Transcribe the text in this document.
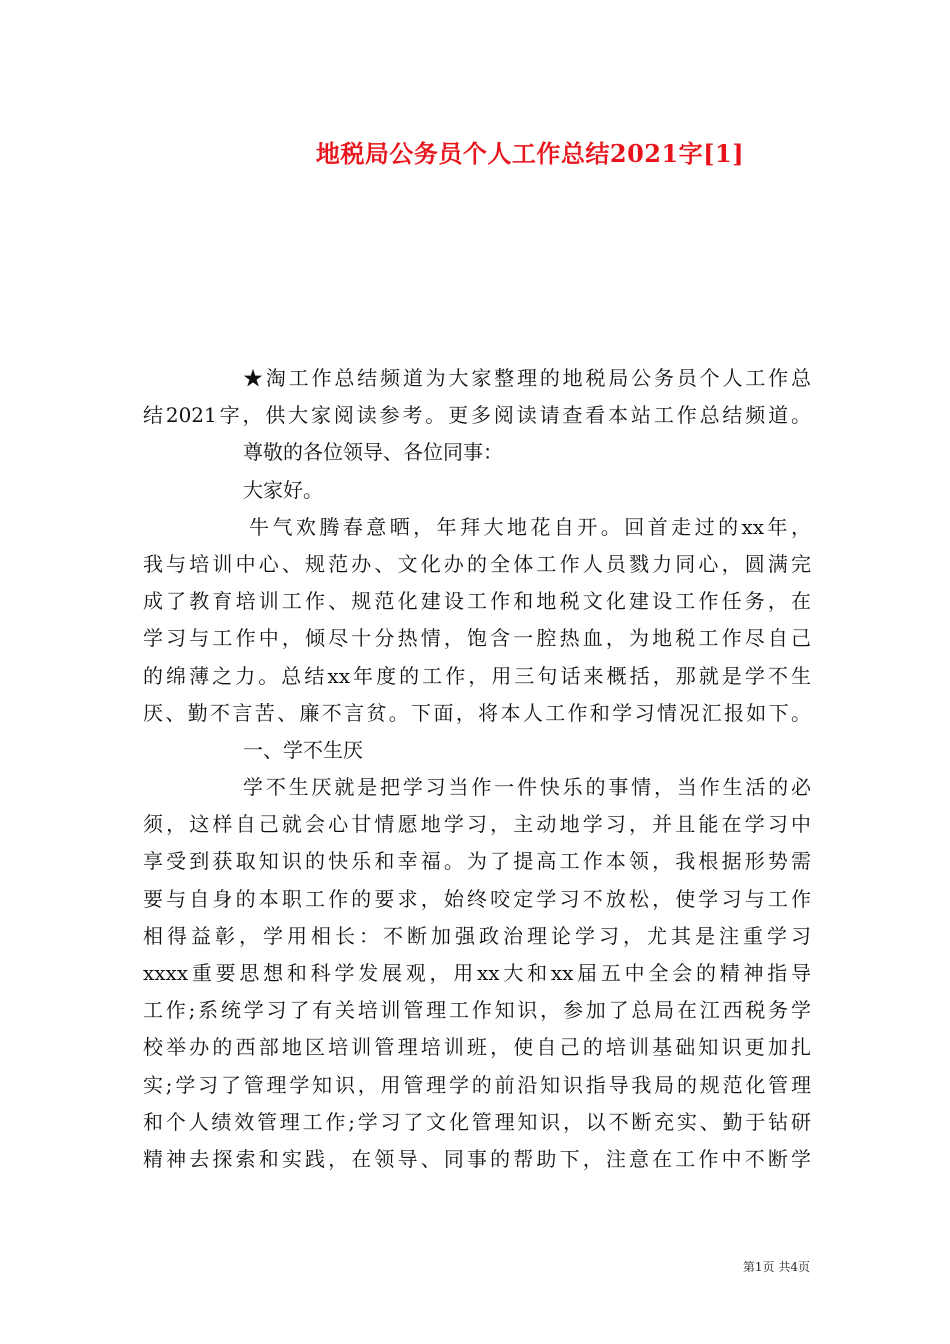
地税局公务员个人工作总结2021字[1]
★淘工作总结频道为大家整理的地税局公务员个人工作总
结2021字，供大家阅读参考。更多阅读请查看本站工作总结频道。
尊敬的各位领导、各位同事：
大家好。
牛气欢腾春意晒，年拜大地花自开。回首走过的xx年，
我与培训中心、规范办、文化办的全体工作人员戮力同心，圆满完
成了教育培训工作、规范化建设工作和地税文化建设工作任务，在
学习与工作中，倾尽十分热情，饱含一腔热血，为地税工作尽自己
的绵薄之力。总结xx年度的工作，用三句话来概括，那就是学不生
厌、勤不言苦、廉不言贫。下面，将本人工作和学习情况汇报如下。
一、学不生厌
学不生厌就是把学习当作一件快乐的事情，当作生活的必
须，这样自己就会心甘情愿地学习，主动地学习，并且能在学习中
享受到获取知识的快乐和幸福。为了提高工作本领，我根据形势需
要与自身的本职工作的要求，始终咬定学习不放松，使学习与工作
相得益彰，学用相长：不断加强政治理论学习，尤其是注重学习
xxxx重要思想和科学发展观，用xx大和xx届五中全会的精神指导
工作;系统学习了有关培训管理工作知识，参加了总局在江西税务学
校举办的西部地区培训管理培训班，使自己的培训基础知识更加扎
实;学习了管理学知识，用管理学的前沿知识指导我局的规范化管理
和个人绩效管理工作;学习了文化管理知识，以不断充实、勤于钻研
精神去探索和实践，在领导、同事的帮助下，注意在工作中不断学
第1页 共4页
